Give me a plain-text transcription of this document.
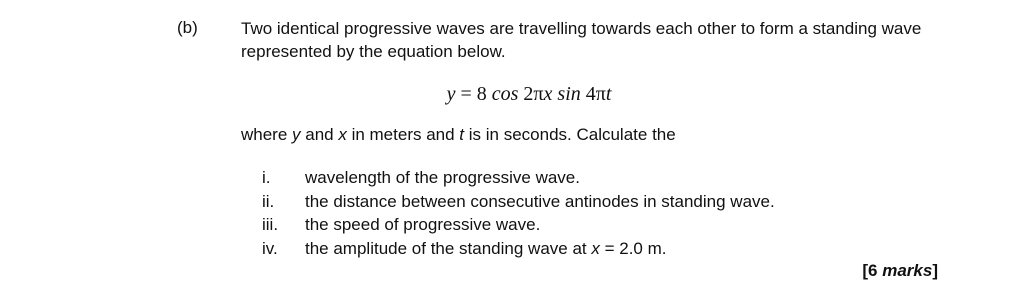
(b)	Two identical progressive waves are travelling towards each other to form a standing wave represented by the equation below.
y = 8 cos 2πx sin 4πt
where y and x in meters and t is in seconds. Calculate the
i.	wavelength of the progressive wave.
ii.	the distance between consecutive antinodes in standing wave.
iii.	the speed of progressive wave.
iv.	the amplitude of the standing wave at x = 2.0 m.
[6 marks]
